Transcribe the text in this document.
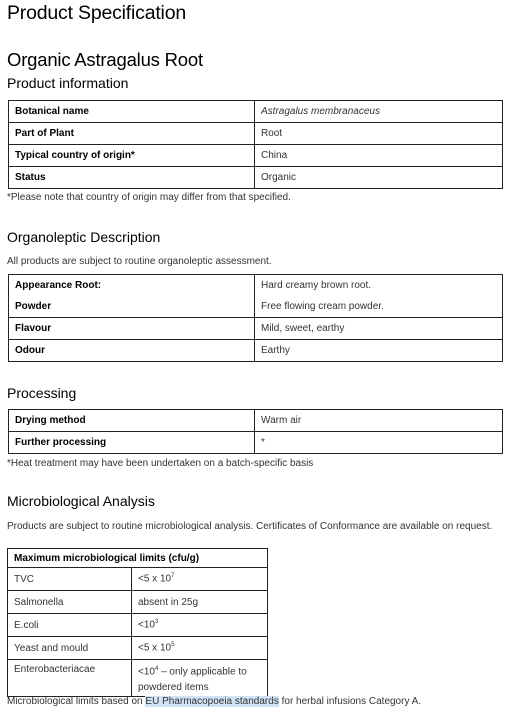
Product Specification
Organic Astragalus Root
Product information
Botanical name	Astragalus membranaceus
Part of Plant	Root
Typical country of origin*	China
Status	Organic
*Please note that country of origin may differ from that specified.
Organoleptic Description
All products are subject to routine organoleptic assessment.
Appearance Root:	Hard creamy brown root.
Powder	Free flowing cream powder.
Flavour	Mild, sweet, earthy
Odour	Earthy
Processing
Drying method	Warm air
Further processing	*
*Heat treatment may have been undertaken on a batch-specific basis
Microbiological Analysis
Products are subject to routine microbiological analysis. Certificates of Conformance are available on request.
Maximum microbiological limits (cfu/g)	
TVC	<5 x $10^7$
Salmonella	absent in 25g
E.coli	$<10^3$
Yeast and mould	<5 x $10^5$
Enterobacteriacae	$<10^4$ – only applicable to powdered items
Microbiological limits based on EU Pharmacopoeia standards for herbal infusions Category A.
